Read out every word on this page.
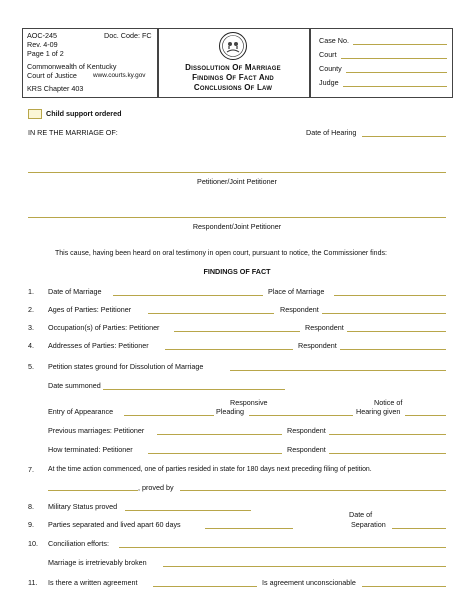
AOC-245	Doc. Code: FC
Rev. 4-09
Page 1 of 2
Commonwealth of Kentucky
Court of Justice	www.courts.ky.gov
KRS Chapter 403
Dissolution Of Marriage
Findings Of Fact And
Conclusions Of Law
Case No.
Court
County
Judge
Child support ordered
IN RE THE MARRIAGE OF:	Date of Hearing
Petitioner/Joint Petitioner
Respondent/Joint Petitioner
This cause, having been heard on oral testimony in open court, pursuant to notice, the Commissioner finds:
FINDINGS OF FACT
1. Date of Marriage	Place of Marriage
2. Ages of Parties: Petitioner	Respondent
3. Occupation(s) of Parties: Petitioner	Respondent
4. Addresses of Parties: Petitioner	Respondent
5. Petition states ground for Dissolution of Marriage
Date summoned
Responsive	Notice of
Entry of Appearance	Pleading	Hearing given
Previous marriages: Petitioner	Respondent
How terminated: Petitioner	Respondent
7. At the time action commenced, one of parties resided in state for 180 days next preceding filing of petition.
, proved by
8. Military Status proved
Date of
9. Parties separated and lived apart 60 days	Separation
10. Conciliation efforts:
Marriage is irretrievably broken
11. Is there a written agreement	Is agreement unconscionable
